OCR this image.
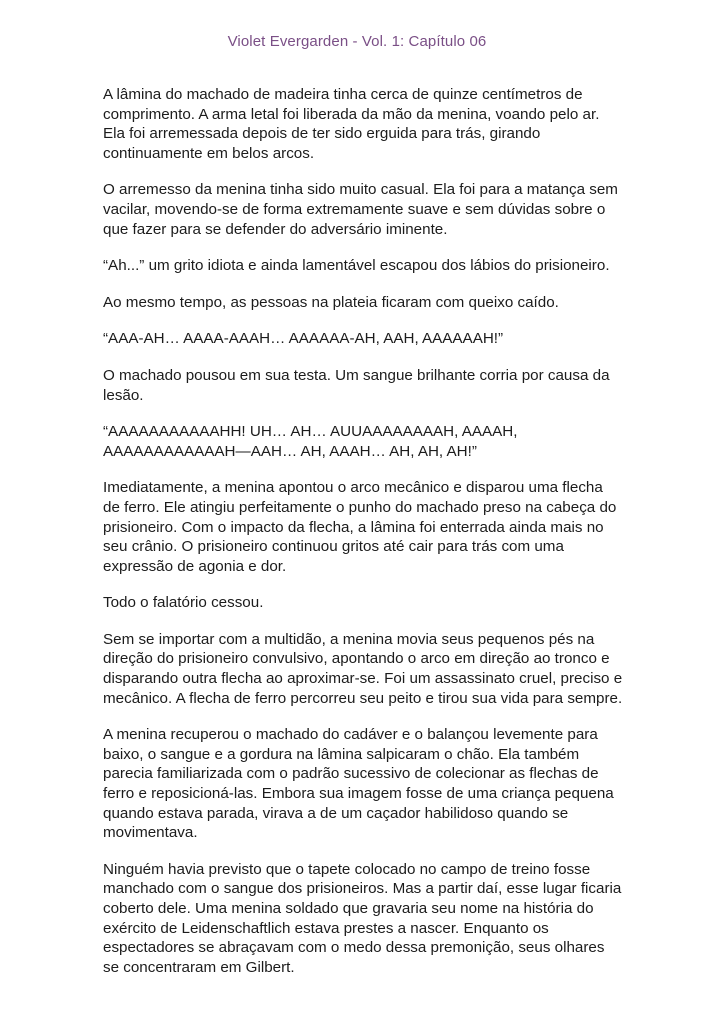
Violet Evergarden - Vol. 1: Capítulo 06

A lâmina do machado de madeira tinha cerca de quinze centímetros de comprimento. A arma letal foi liberada da mão da menina, voando pelo ar. Ela foi arremessada depois de ter sido erguida para trás, girando continuamente em belos arcos.

O arremesso da menina tinha sido muito casual. Ela foi para a matança sem vacilar, movendo-se de forma extremamente suave e sem dúvidas sobre o que fazer para se defender do adversário iminente.

“Ah...” um grito idiota e ainda lamentável escapou dos lábios do prisioneiro.

Ao mesmo tempo, as pessoas na plateia ficaram com queixo caído.

“AAA-AH… AAAA-AAAH… AAAAAA-AH, AAH, AAAAAAH!”

O machado pousou em sua testa. Um sangue brilhante corria por causa da lesão.

“AAAAAAAAAAAHH! UH… AH… AUUAAAAAAAAH, AAAAH, AAAAAAAAAAAAH—AAH… AH, AAAH… AH, AH, AH!”

Imediatamente, a menina apontou o arco mecânico e disparou uma flecha de ferro. Ele atingiu perfeitamente o punho do machado preso na cabeça do prisioneiro. Com o impacto da flecha, a lâmina foi enterrada ainda mais no seu crânio. O prisioneiro continuou gritos até cair para trás com uma expressão de agonia e dor.

Todo o falatório cessou.

Sem se importar com a multidão, a menina movia seus pequenos pés na direção do prisioneiro convulsivo, apontando o arco em direção ao tronco e disparando outra flecha ao aproximar-se. Foi um assassinato cruel, preciso e mecânico. A flecha de ferro percorreu seu peito e tirou sua vida para sempre.

A menina recuperou o machado do cadáver e o balançou levemente para baixo, o sangue e a gordura na lâmina salpicaram o chão. Ela também parecia familiarizada com o padrão sucessivo de colecionar as flechas de ferro e reposicioná-las. Embora sua imagem fosse de uma criança pequena quando estava parada, virava a de um caçador habilidoso quando se movimentava.

Ninguém havia previsto que o tapete colocado no campo de treino fosse manchado com o sangue dos prisioneiros. Mas a partir daí, esse lugar ficaria coberto dele. Uma menina soldado que gravaria seu nome na história do exército de Leidenschaftlich estava prestes a nascer. Enquanto os espectadores se abraçavam com o medo dessa premonição, seus olhares se concentraram em Gilbert.
